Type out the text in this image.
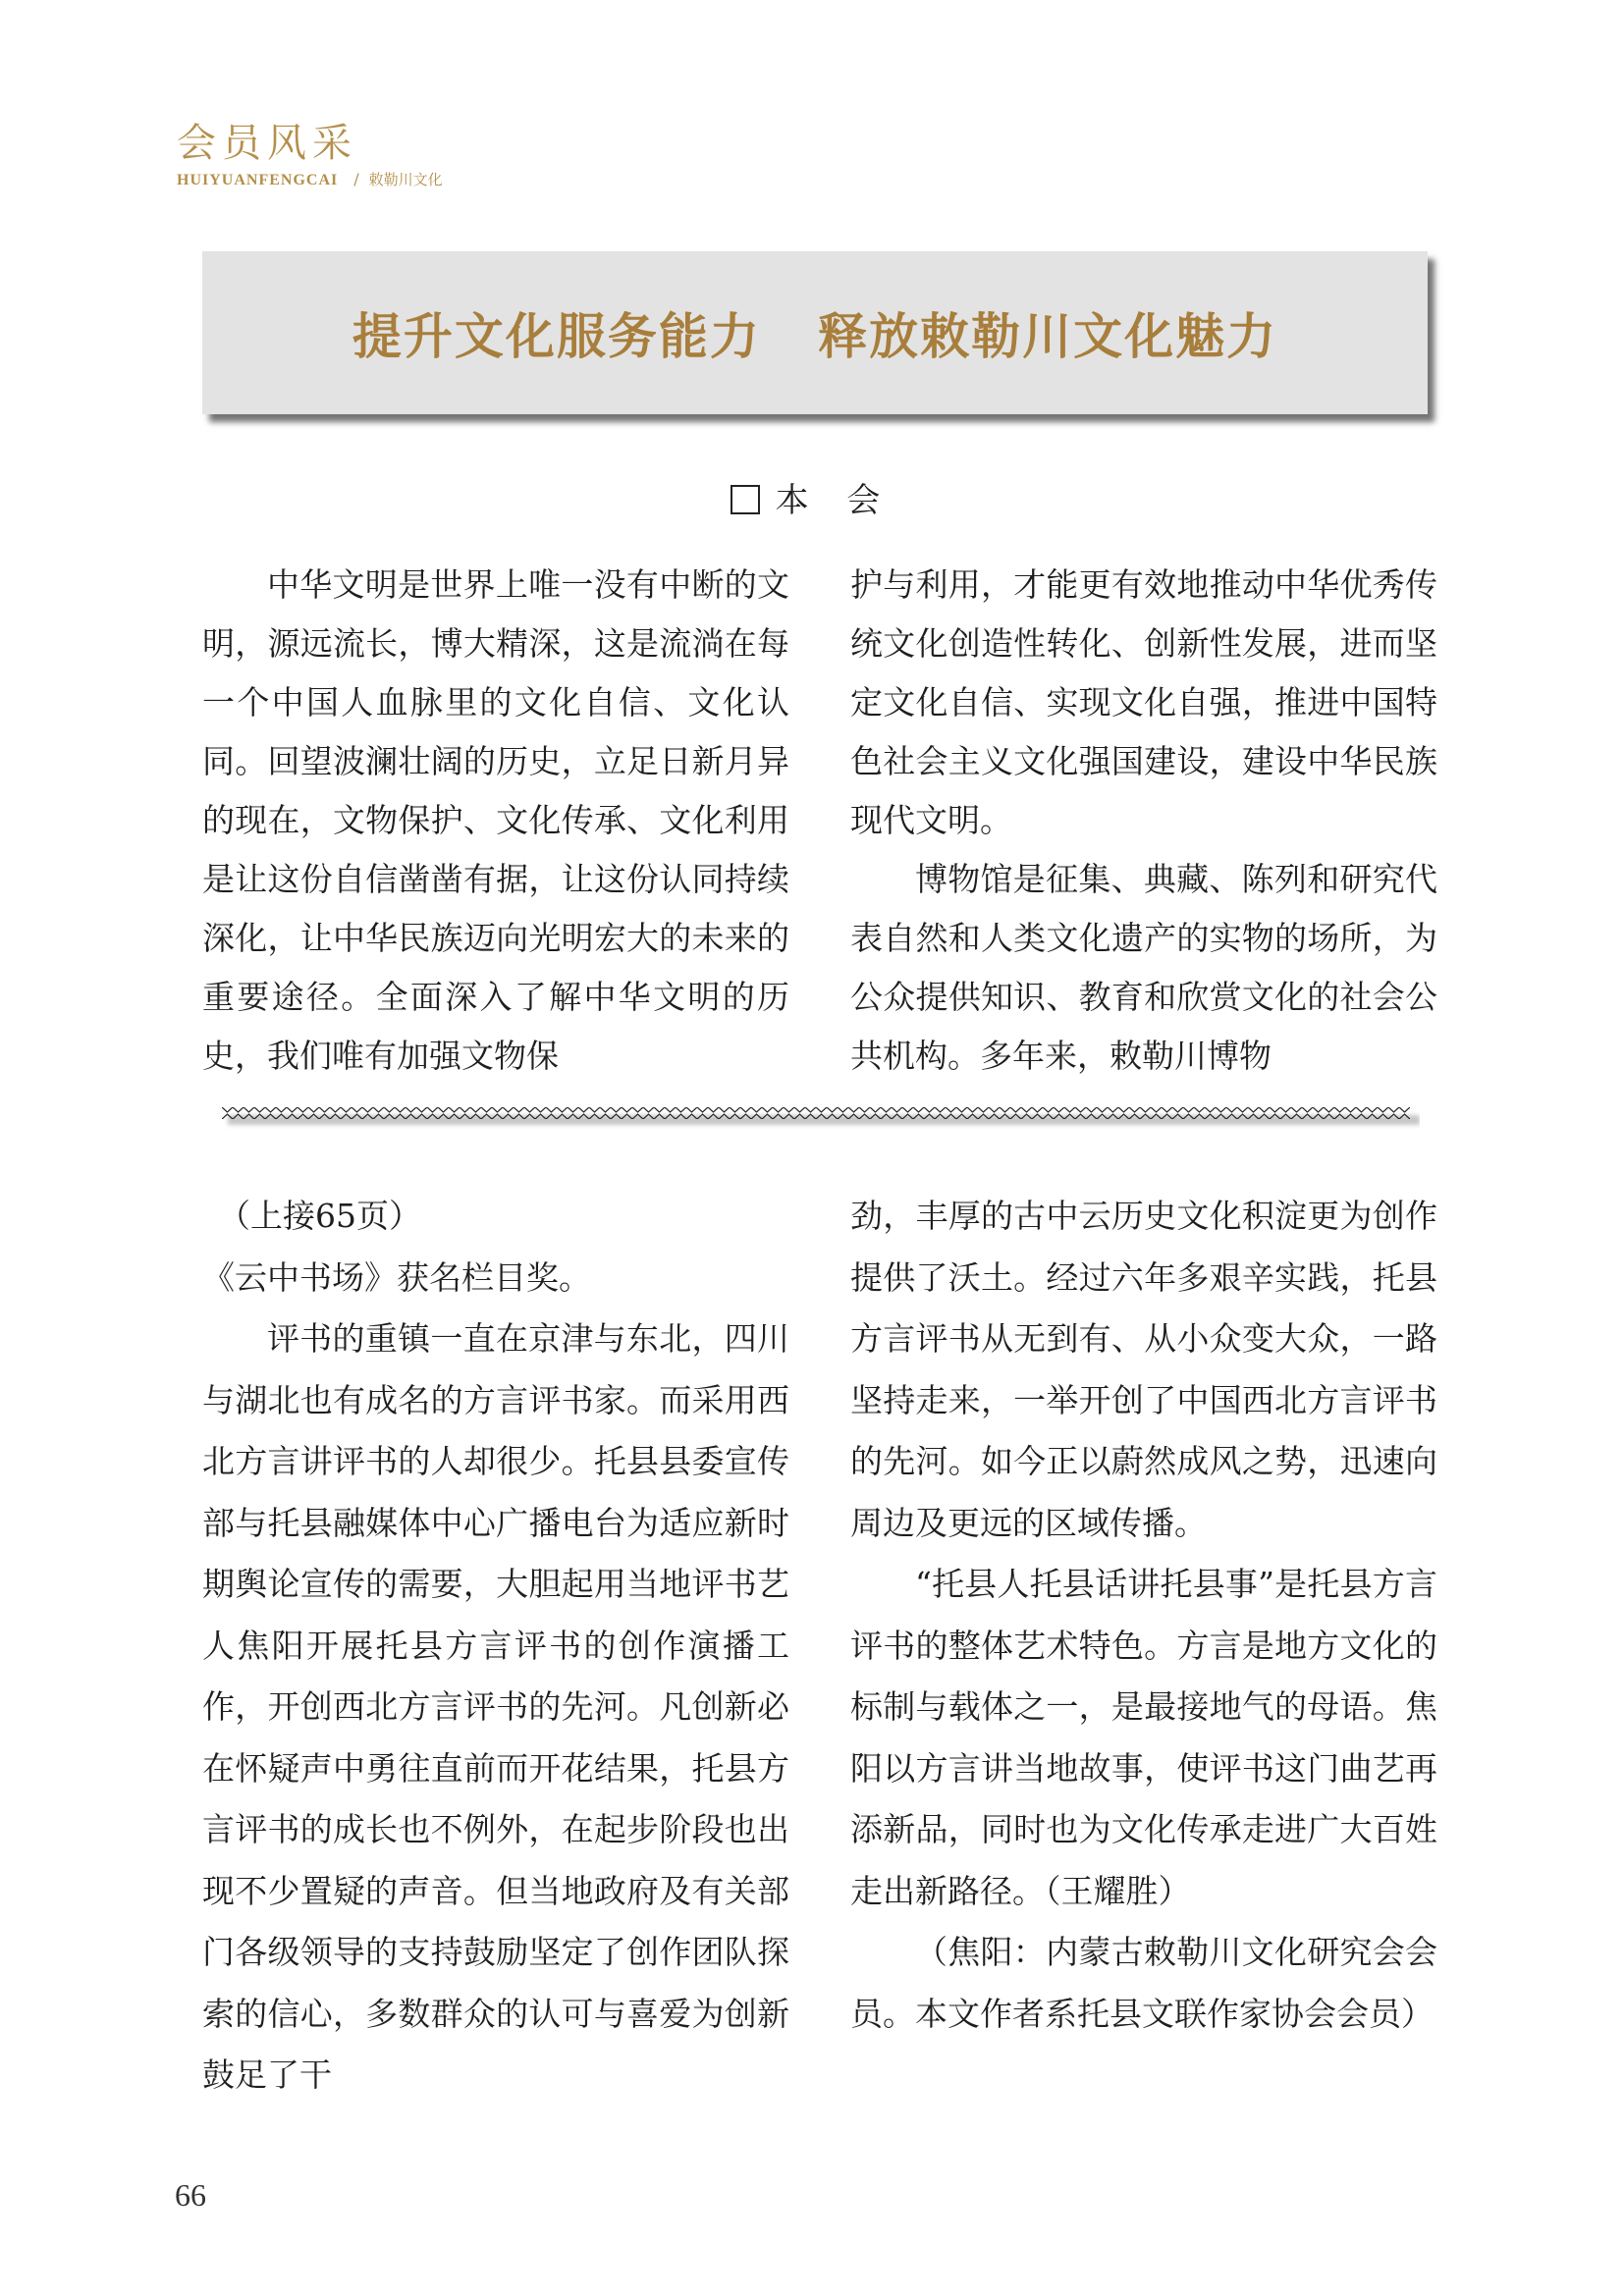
会员风采
HUIYUANFENGCAI / 敕勒川文化
提升文化服务能力   释放敕勒川文化魅力
本 会

中华文明是世界上唯一没有中断的文明，源远流长，博大精深，这是流淌在每一个中国人血脉里的文化自信、文化认同。回望波澜壮阔的历史，立足日新月异的现在，文物保护、文化传承、文化利用是让这份自信凿凿有据，让这份认同持续深化，让中华民族迈向光明宏大的未来的重要途径。全面深入了解中华文明的历史，我们唯有加强文物保

护与利用，才能更有效地推动中华优秀传统文化创造性转化、创新性发展，进而坚定文化自信、实现文化自强，推进中国特色社会主义文化强国建设，建设中华民族现代文明。

博物馆是征集、典藏、陈列和研究代表自然和人类文化遗产的实物的场所，为公众提供知识、教育和欣赏文化的社会公共机构。多年来，敕勒川博物

（上接65页）

《云中书场》获名栏目奖。

评书的重镇一直在京津与东北，四川与湖北也有成名的方言评书家。而采用西北方言讲评书的人却很少。托县县委宣传部与托县融媒体中心广播电台为适应新时期舆论宣传的需要，大胆起用当地评书艺人焦阳开展托县方言评书的创作演播工作，开创西北方言评书的先河。凡创新必在怀疑声中勇往直前而开花结果，托县方言评书的成长也不例外，在起步阶段也出现不少置疑的声音。但当地政府及有关部门各级领导的支持鼓励坚定了创作团队探索的信心，多数群众的认可与喜爱为创新鼓足了干

劲，丰厚的古中云历史文化积淀更为创作提供了沃土。经过六年多艰辛实践，托县方言评书从无到有、从小众变大众，一路坚持走来，一举开创了中国西北方言评书的先河。如今正以蔚然成风之势，迅速向周边及更远的区域传播。

“托县人托县话讲托县事”是托县方言评书的整体艺术特色。方言是地方文化的标制与载体之一，是最接地气的母语。焦阳以方言讲当地故事，使评书这门曲艺再添新品，同时也为文化传承走进广大百姓走出新路径。（王耀胜）

（焦阳：内蒙古敕勒川文化研究会会员。本文作者系托县文联作家协会会员）

66
